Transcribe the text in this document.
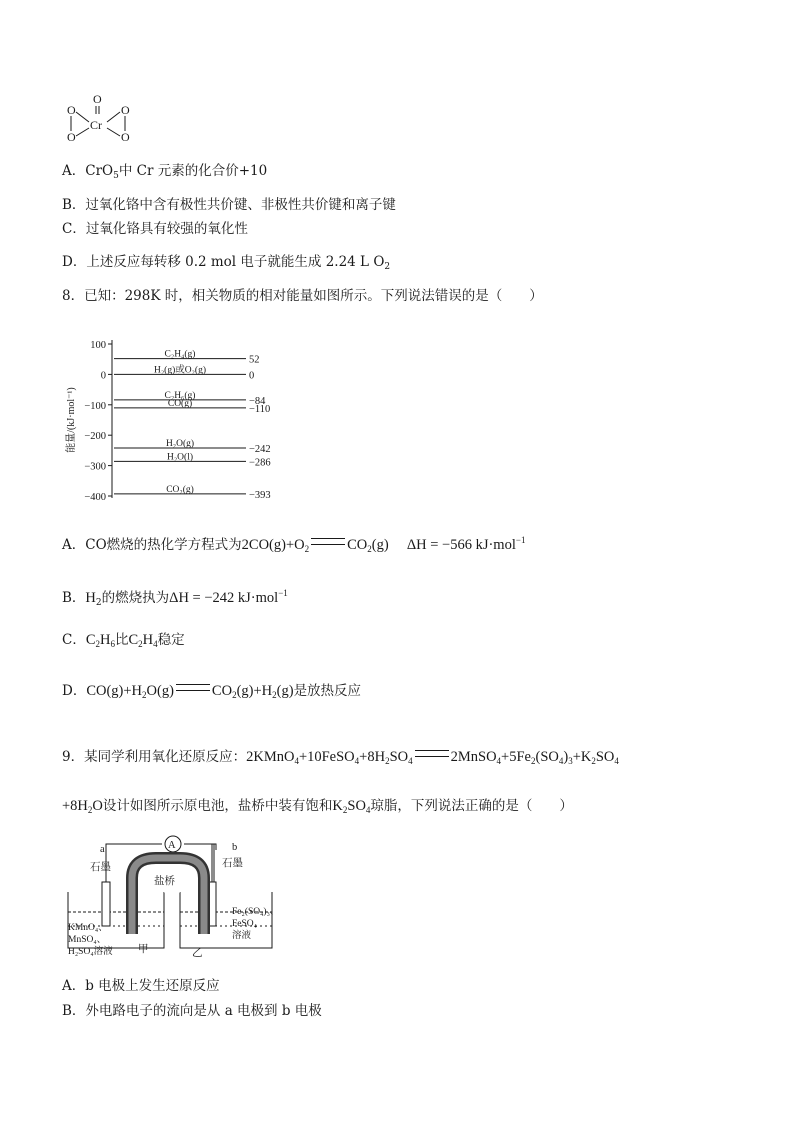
O
Cr
O
O
O
O
A．CrO$_5$中 Cr 元素的化合价+10
B．过氧化铬中含有极性共价键、非极性共价键和离子键
C．过氧化铬具有较强的氧化性
D．上述反应每转移 0.2 mol 电子就能生成 2.24 L $O_2$
8．已知：298K 时，相关物质的相对能量如图所示。下列说法错误的是（　　）
100
0
−100
−200
−300
−400
能量/(kJ·mol⁻¹)
C₂H₄(g)	52
H₂(g)或O₂(g)	0
C₂H₆(g)	−84
CO(g)	−110
H₂O(g)	−242
H₂O(l)	−286
CO₂(g)	−393
A．CO燃烧的热化学方程式为$2CO(g)+O_2$	$CO_2(g) \Delta H = -566$ kJ·mol$^{-1}$
B．$H_2$的燃烧执为ΔH = −242 kJ·mol$^{-1}$
C．$C_2H_6$比$C_2H_4$稳定
D．$CO(g)+H_2O(g)$	$CO_2(g)+H_2(g)$是放热反应
9．某同学利用氧化还原反应：$2KMnO_4+10FeSO_4+8H_2SO_4$	$2MnSO_4+5Fe_2(SO_4)_3+K_2SO_4$
$+8H_2O$设计如图所示原电池，盐桥中装有饱和$K_2SO_4$琼脂，下列说法正确的是（　　）
A
a	b
石墨	石墨
盐桥
KMnO₄、
MnSO₄、
H₂SO₄溶液 甲	乙
Fe₂(SO₄)₃、
FeSO₄
溶液
A．b 电极上发生还原反应
B．外电路电子的流向是从 a 电极到 b 电极
